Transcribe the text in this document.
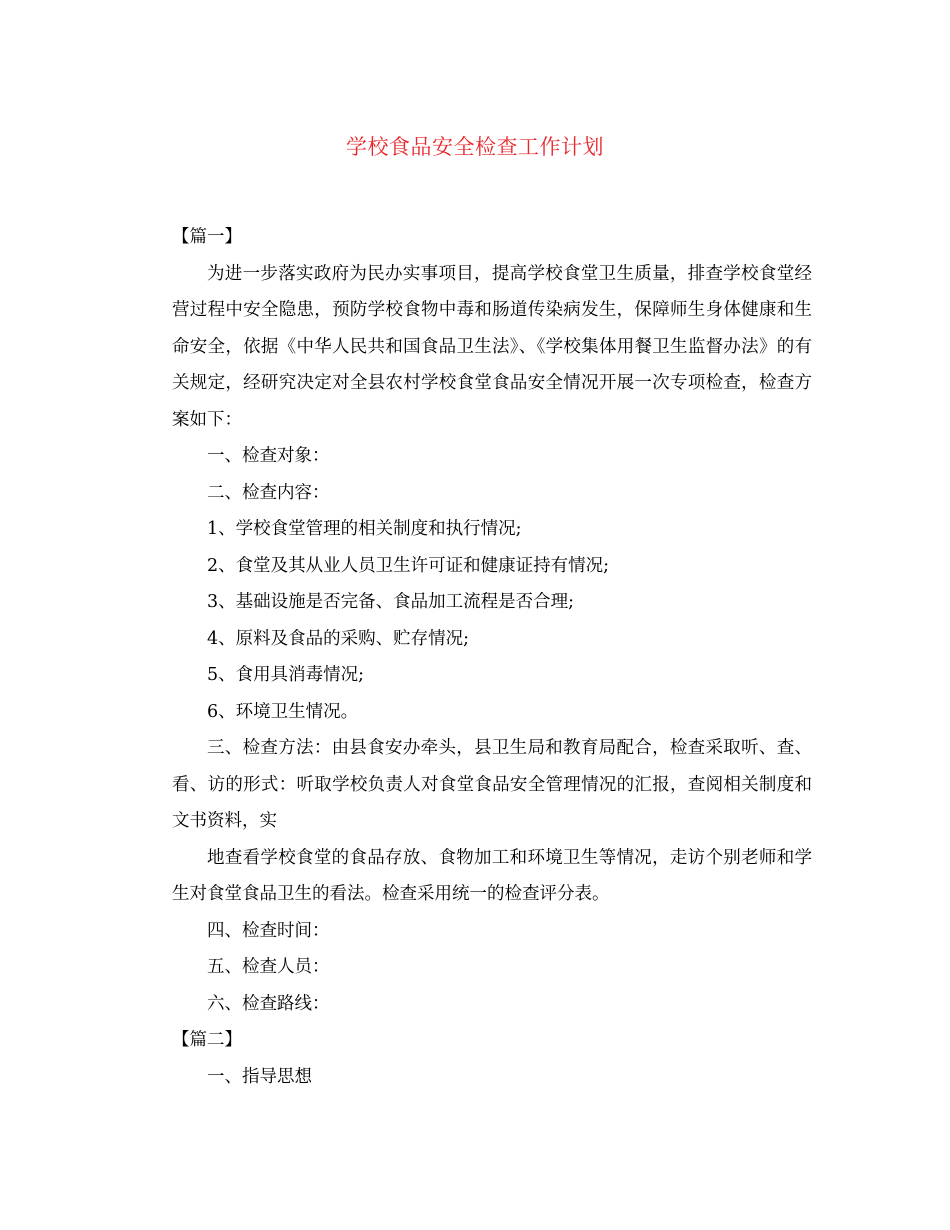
学校食品安全检查工作计划

【篇一】

为进一步落实政府为民办实事项目，提高学校食堂卫生质量，排查学校食堂经营过程中安全隐患，预防学校食物中毒和肠道传染病发生，保障师生身体健康和生命安全，依据《中华人民共和国食品卫生法》、《学校集体用餐卫生监督办法》的有关规定，经研究决定对全县农村学校食堂食品安全情况开展一次专项检查，检查方案如下：

一、检查对象：

二、检查内容：

1、学校食堂管理的相关制度和执行情况;

2、食堂及其从业人员卫生许可证和健康证持有情况;

3、基础设施是否完备、食品加工流程是否合理;

4、原料及食品的采购、贮存情况;

5、食用具消毒情况;

6、环境卫生情况。

三、检查方法：由县食安办牵头，县卫生局和教育局配合，检查采取听、查、看、访的形式：听取学校负责人对食堂食品安全管理情况的汇报，查阅相关制度和文书资料，实

地查看学校食堂的食品存放、食物加工和环境卫生等情况，走访个别老师和学生对食堂食品卫生的看法。检查采用统一的检查评分表。

四、检查时间：

五、检查人员：

六、检查路线：

【篇二】

一、指导思想
